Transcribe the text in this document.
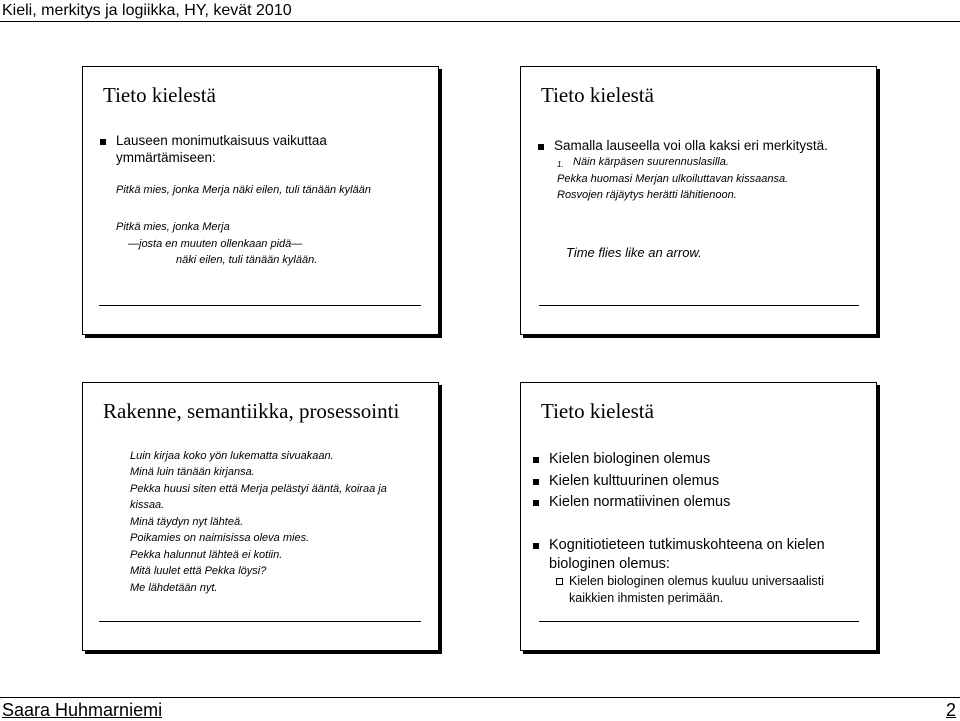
Kieli, merkitys ja logiikka, HY, kevät 2010
Tieto kielestä
Lauseen monimutkaisuus vaikuttaa
ymmärtämiseen:
Pitkä mies, jonka Merja näki eilen, tuli tänään kylään
Pitkä mies, jonka Merja
—josta en muuten ollenkaan pidä—
näki eilen, tuli tänään kylään.
Tieto kielestä
Samalla lauseella voi olla kaksi eri merkitystä.
1. Näin kärpäsen suurennuslasilla.
Pekka huomasi Merjan ulkoiluttavan kissaansa.
Rosvojen räjäytys herätti lähitienoon.
Time flies like an arrow.
Rakenne, semantiikka, prosessointi
Luin kirjaa koko yön lukematta sivuakaan.
Minä luin tänään kirjansa.
Pekka huusi siten että Merja pelästyi ääntä, koiraa ja
kissaa.
Minä täydyn nyt lähteä.
Poikamies on naimisissa oleva mies.
Pekka halunnut lähteä ei kotiin.
Mitä luulet että Pekka löysi?
Me lähdetään nyt.
Tieto kielestä
Kielen biologinen olemus
Kielen kulttuurinen olemus
Kielen normatiivinen olemus
Kognitiotieteen tutkimuskohteena on kielen
biologinen olemus:
Kielen biologinen olemus kuuluu universaalisti
kaikkien ihmisten perimään.
Saara Huhmarniemi	2
